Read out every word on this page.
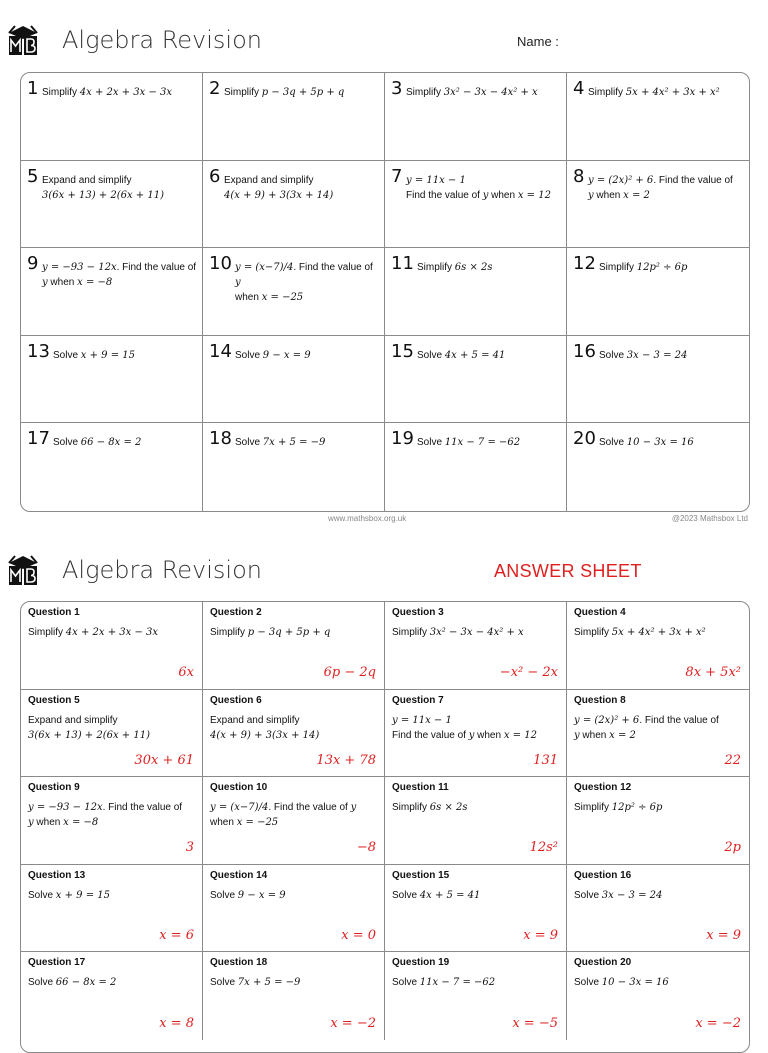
Algebra Revision	Name :
1 Simplify 4x + 2x + 3x − 3x	2 Simplify p − 3q + 5p + q	3 Simplify 3x² − 3x − 4x² + x	4 Simplify 5x + 4x² + 3x + x²
5 Expand and simplify
3(6x + 13) + 2(6x + 11)
6 Expand and simplify
4(x + 9) + 3(3x + 14)
7 y = 11x − 1
Find the value of y when x = 12
8 y = (2x)² + 6. Find the value of
y when x = 2
9 y = −93 − 12x. Find the value of
y when x = −8
10 y = (x−7)/4. Find the value of y
when x = −25
11 Simplify 6s × 2s	12 Simplify 12p² ÷ 6p
13 Solve x + 9 = 15	14 Solve 9 − x = 9	15 Solve 4x + 5 = 41	16 Solve 3x − 3 = 24
17 Solve 66 − 8x = 2	18 Solve 7x + 5 = −9	19 Solve 11x − 7 = −62	20 Solve 10 − 3x = 16
www.mathsbox.org.uk	@2023 Mathsbox Ltd
Algebra Revision	ANSWER SHEET
Question 1
Simplify 4x + 2x + 3x − 3x
6x
Question 2
Simplify p − 3q + 5p + q
6p − 2q
Question 3
Simplify 3x² − 3x − 4x² + x
−x² − 2x
Question 4
Simplify 5x + 4x² + 3x + x²
8x + 5x²
Question 5
Expand and simplify
3(6x + 13) + 2(6x + 11)
30x + 61
Question 6
Expand and simplify
4(x + 9) + 3(3x + 14)
13x + 78
Question 7
y = 11x − 1
Find the value of y when x = 12
131
Question 8
y = (2x)² + 6. Find the value of
y when x = 2
22
Question 9
y = −93 − 12x. Find the value of
y when x = −8
3
Question 10
y = (x−7)/4. Find the value of y
when x = −25
−8
Question 11
Simplify 6s × 2s
12s²
Question 12
Simplify 12p² ÷ 6p
2p
Question 13
Solve x + 9 = 15
x = 6
Question 14
Solve 9 − x = 9
x = 0
Question 15
Solve 4x + 5 = 41
x = 9
Question 16
Solve 3x − 3 = 24
x = 9
Question 17
Solve 66 − 8x = 2
x = 8
Question 18
Solve 7x + 5 = −9
x = −2
Question 19
Solve 11x − 7 = −62
x = −5
Question 20
Solve 10 − 3x = 16
x = −2
